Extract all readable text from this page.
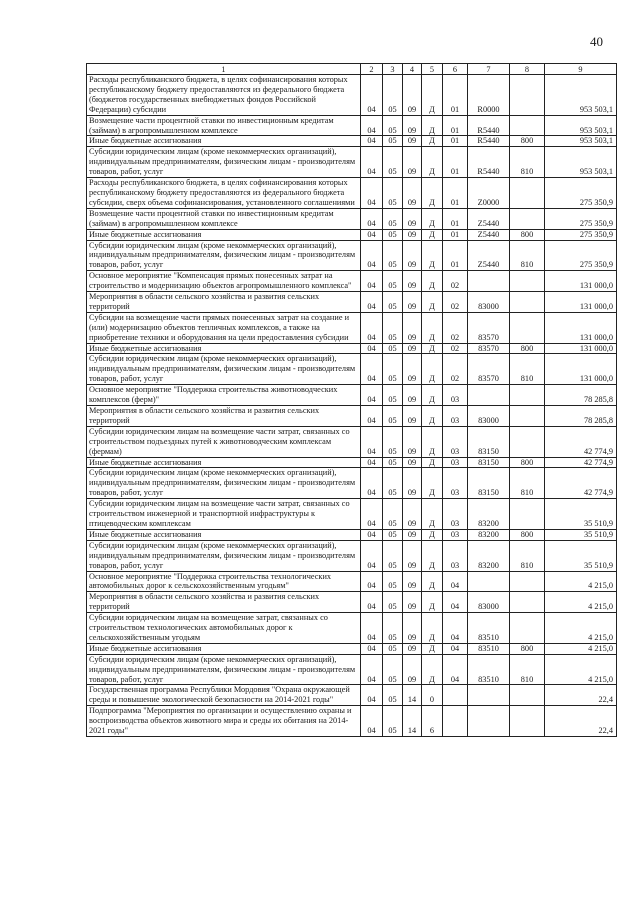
40
1	2	3	4	5	6	7	8	9
Расходы республиканского бюджета, в целях софинансирования которых республиканскому бюджету предоставляются из федерального бюджета (бюджетов государственных внебюджетных фондов Российской Федерации) субсидии	04	05	09	Д	01	R0000		953 503,1
Возмещение части процентной ставки по инвестиционным кредитам (займам) в агропромышленном комплексе	04	05	09	Д	01	R5440		953 503,1
Иные бюджетные ассигнования	04	05	09	Д	01	R5440	800	953 503,1
Субсидии юридическим лицам (кроме некоммерческих организаций), индивидуальным предпринимателям, физическим лицам - производителям товаров, работ, услуг	04	05	09	Д	01	R5440	810	953 503,1
Расходы республиканского бюджета, в целях софинансирования которых республиканскому бюджету предоставляются из федерального бюджета субсидии, сверх объема софинансирования, установленного соглашениями	04	05	09	Д	01	Z0000		275 350,9
Возмещение части процентной ставки по инвестиционным кредитам (займам) в агропромышленном комплексе	04	05	09	Д	01	Z5440		275 350,9
Иные бюджетные ассигнования	04	05	09	Д	01	Z5440	800	275 350,9
Субсидии юридическим лицам (кроме некоммерческих организаций), индивидуальным предпринимателям, физическим лицам - производителям товаров, работ, услуг	04	05	09	Д	01	Z5440	810	275 350,9
Основное мероприятие "Компенсация прямых понесенных затрат на строительство и модернизацию объектов агропромышленного комплекса"	04	05	09	Д	02			131 000,0
Мероприятия в области сельского хозяйства и развития сельских территорий	04	05	09	Д	02	83000		131 000,0
Субсидии на возмещение части прямых понесенных затрат на создание и (или) модернизацию объектов тепличных комплексов, а также на приобретение техники и оборудования на цели предоставления субсидии	04	05	09	Д	02	83570		131 000,0
Иные бюджетные ассигнования	04	05	09	Д	02	83570	800	131 000,0
Субсидии юридическим лицам (кроме некоммерческих организаций), индивидуальным предпринимателям, физическим лицам - производителям товаров, работ, услуг	04	05	09	Д	02	83570	810	131 000,0
Основное мероприятие "Поддержка строительства животноводческих комплексов (ферм)"	04	05	09	Д	03			78 285,8
Мероприятия в области сельского хозяйства и развития сельских территорий	04	05	09	Д	03	83000		78 285,8
Субсидии юридическим лицам на возмещение части затрат, связанных со строительством подъездных путей к животноводческим комплексам (фермам)	04	05	09	Д	03	83150		42 774,9
Иные бюджетные ассигнования	04	05	09	Д	03	83150	800	42 774,9
Субсидии юридическим лицам (кроме некоммерческих организаций), индивидуальным предпринимателям, физическим лицам - производителям товаров, работ, услуг	04	05	09	Д	03	83150	810	42 774,9
Субсидии юридическим лицам на возмещение части затрат, связанных со строительством инженерной и транспортной инфраструктуры к птицеводческим комплексам	04	05	09	Д	03	83200		35 510,9
Иные бюджетные ассигнования	04	05	09	Д	03	83200	800	35 510,9
Субсидии юридическим лицам (кроме некоммерческих организаций), индивидуальным предпринимателям, физическим лицам - производителям товаров, работ, услуг	04	05	09	Д	03	83200	810	35 510,9
Основное мероприятие "Поддержка строительства технологических автомобильных дорог к сельскохозяйственным угодьям"	04	05	09	Д	04			4 215,0
Мероприятия в области сельского хозяйства и развития сельских территорий	04	05	09	Д	04	83000		4 215,0
Субсидии юридическим лицам на возмещение затрат, связанных со строительством технологических автомобильных дорог к сельскохозяйственным угодьям	04	05	09	Д	04	83510		4 215,0
Иные бюджетные ассигнования	04	05	09	Д	04	83510	800	4 215,0
Субсидии юридическим лицам (кроме некоммерческих организаций), индивидуальным предпринимателям, физическим лицам - производителям товаров, работ, услуг	04	05	09	Д	04	83510	810	4 215,0
Государственная программа Республики Мордовия "Охрана окружающей среды и повышение экологической безопасности на 2014-2021 годы"	04	05	14	0				22,4
Подпрограмма "Мероприятия по организации и осуществлению охраны и воспроизводства объектов животного мира и среды их обитания на 2014-2021 годы"	04	05	14	6				22,4
